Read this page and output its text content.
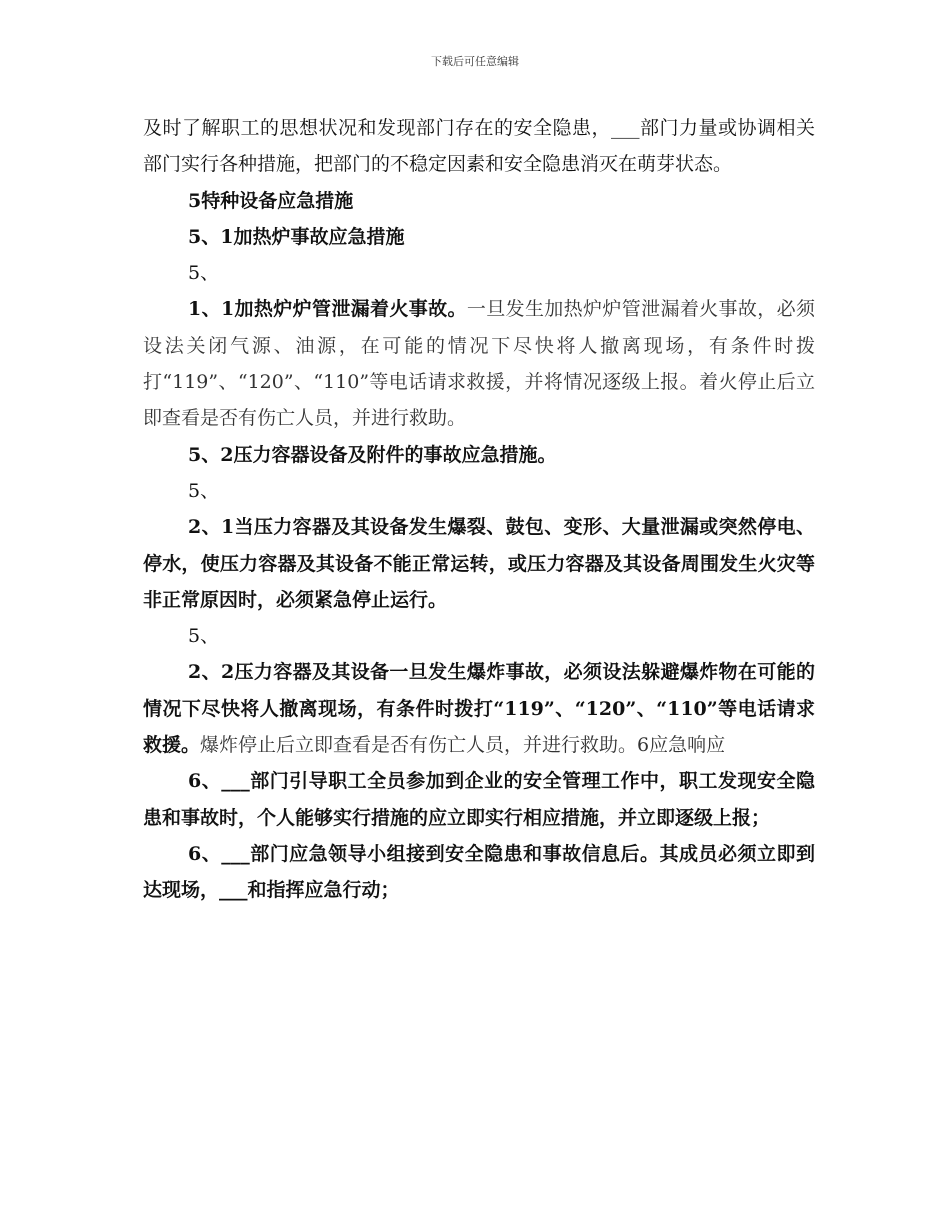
下载后可任意编辑

及时了解职工的思想状况和发现部门存在的安全隐患，___部门力量或协调相关部门实行各种措施，把部门的不稳定因素和安全隐患消灭在萌芽状态。

5特种设备应急措施

5、1加热炉事故应急措施

5、

1、1加热炉炉管泄漏着火事故。一旦发生加热炉炉管泄漏着火事故，必须设法关闭气源、油源，在可能的情况下尽快将人撤离现场，有条件时拨打“119”、“120”、“110”等电话请求救援，并将情况逐级上报。着火停止后立即查看是否有伤亡人员，并进行救助。

5、2压力容器设备及附件的事故应急措施。

5、

2、1当压力容器及其设备发生爆裂、鼓包、变形、大量泄漏或突然停电、停水，使压力容器及其设备不能正常运转，或压力容器及其设备周围发生火灾等非正常原因时，必须紧急停止运行。

5、

2、2压力容器及其设备一旦发生爆炸事故，必须设法躲避爆炸物在可能的情况下尽快将人撤离现场，有条件时拨打“119”、“120”、“110”等电话请求救援。爆炸停止后立即查看是否有伤亡人员，并进行救助。6应急响应

6、___部门引导职工全员参加到企业的安全管理工作中，职工发现安全隐患和事故时，个人能够实行措施的应立即实行相应措施，并立即逐级上报；

6、___部门应急领导小组接到安全隐患和事故信息后。其成员必须立即到达现场，___和指挥应急行动；
